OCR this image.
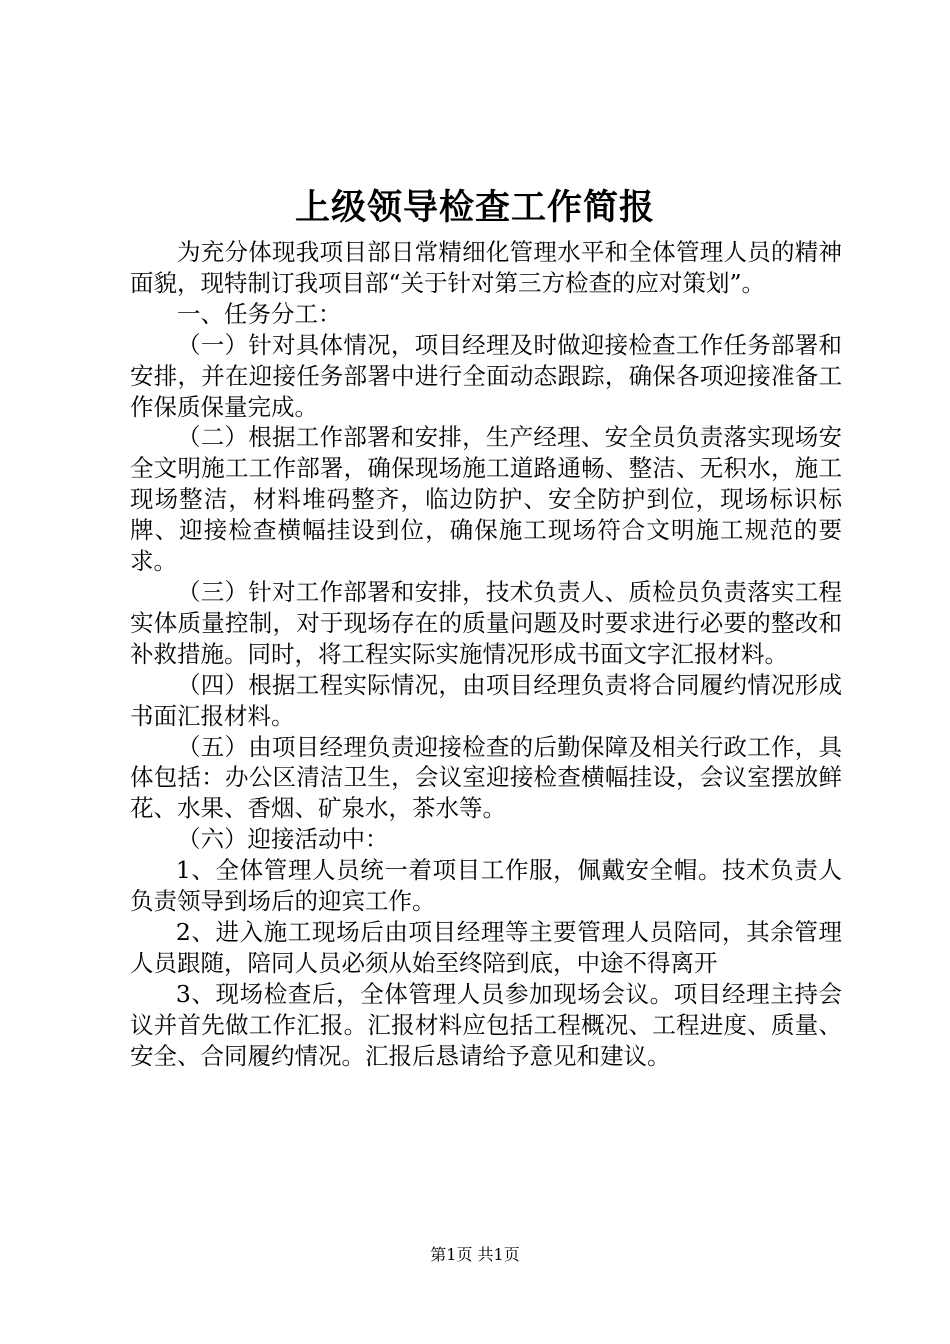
上级领导检查工作简报

为充分体现我项目部日常精细化管理水平和全体管理人员的精神面貌，现特制订我项目部“关于针对第三方检查的应对策划”。

一、任务分工：

（一）针对具体情况，项目经理及时做迎接检查工作任务部署和安排，并在迎接任务部署中进行全面动态跟踪，确保各项迎接准备工作保质保量完成。

（二）根据工作部署和安排，生产经理、安全员负责落实现场安全文明施工工作部署，确保现场施工道路通畅、整洁、无积水，施工现场整洁，材料堆码整齐，临边防护、安全防护到位，现场标识标牌、迎接检查横幅挂设到位，确保施工现场符合文明施工规范的要求。

（三）针对工作部署和安排，技术负责人、质检员负责落实工程实体质量控制，对于现场存在的质量问题及时要求进行必要的整改和补救措施。同时，将工程实际实施情况形成书面文字汇报材料。

（四）根据工程实际情况，由项目经理负责将合同履约情况形成书面汇报材料。

（五）由项目经理负责迎接检查的后勤保障及相关行政工作，具体包括：办公区清洁卫生，会议室迎接检查横幅挂设，会议室摆放鲜花、水果、香烟、矿泉水，茶水等。

（六）迎接活动中：

1、全体管理人员统一着项目工作服，佩戴安全帽。技术负责人负责领导到场后的迎宾工作。

2、进入施工现场后由项目经理等主要管理人员陪同，其余管理人员跟随，陪同人员必须从始至终陪到底，中途不得离开

3、现场检查后，全体管理人员参加现场会议。项目经理主持会议并首先做工作汇报。汇报材料应包括工程概况、工程进度、质量、安全、合同履约情况。汇报后恳请给予意见和建议。

第1页 共1页
